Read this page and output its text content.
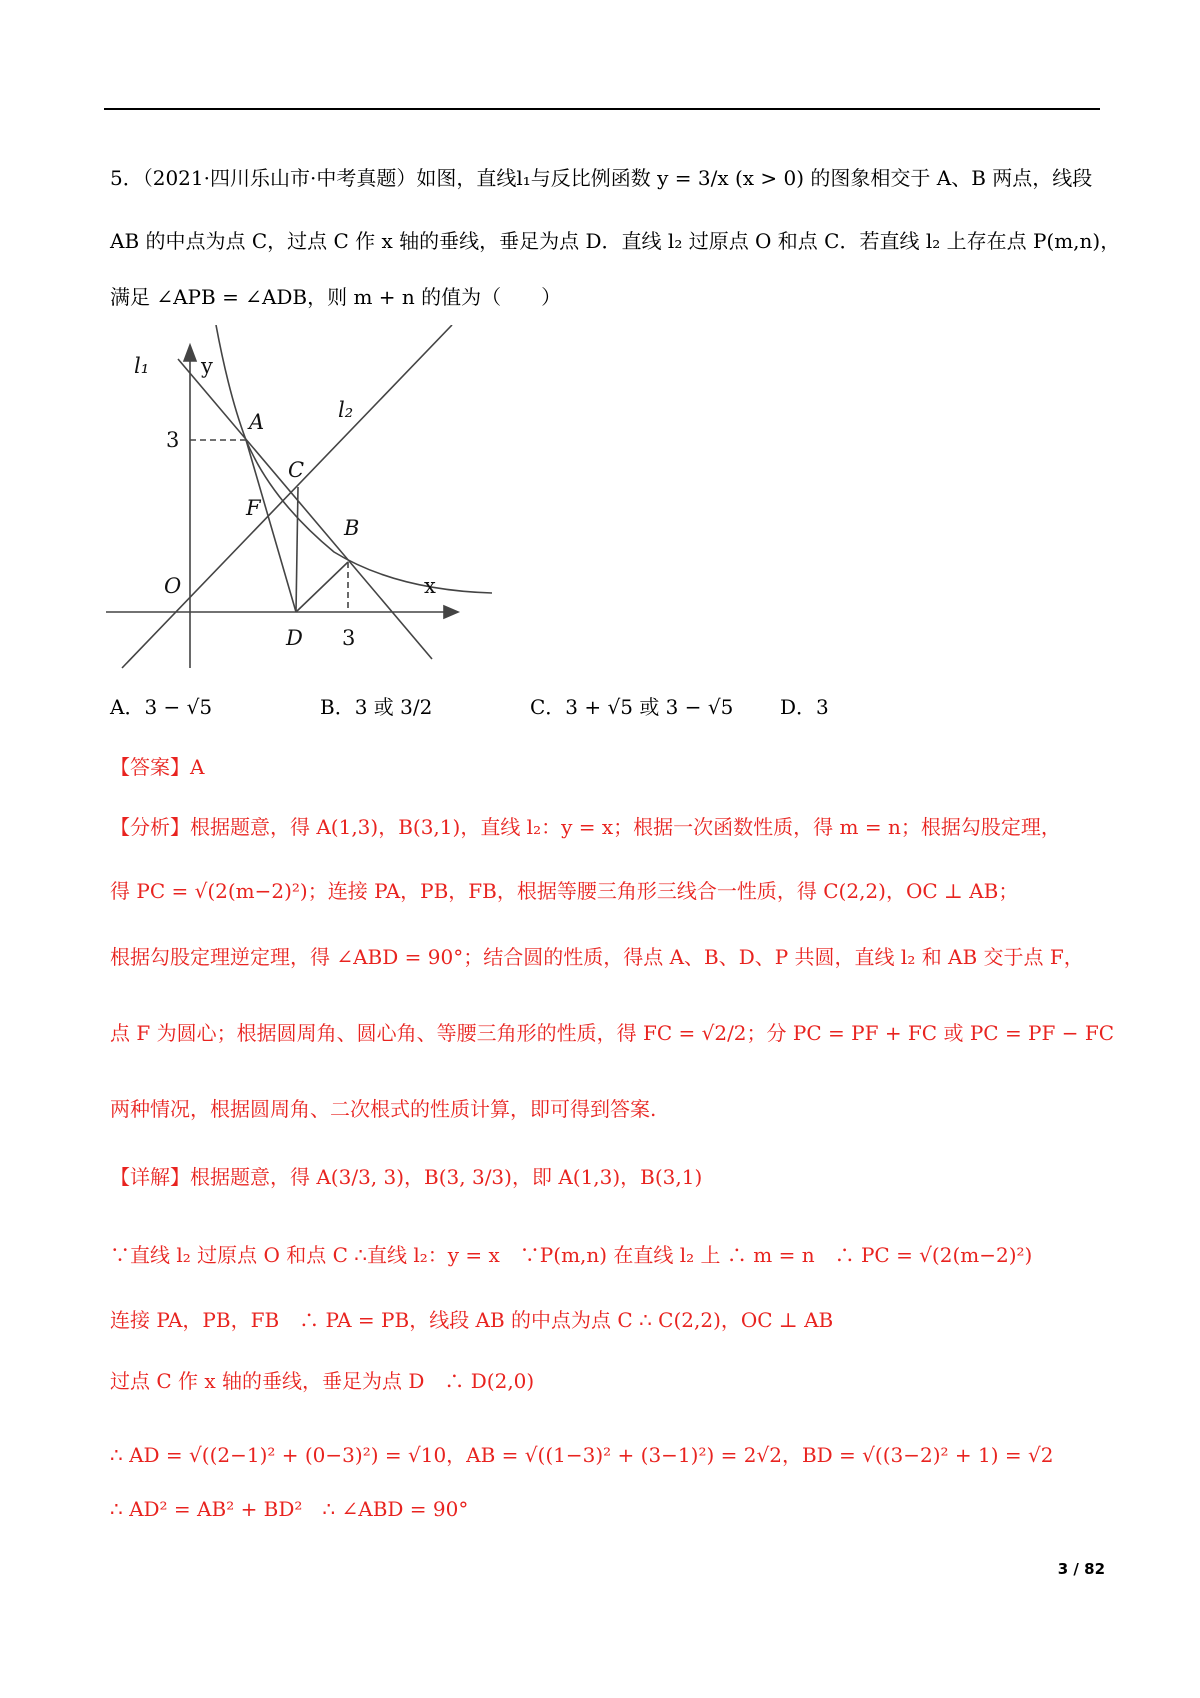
5．（2021·四川乐山市·中考真题）如图，直线l₁与反比例函数 y = 3/x (x > 0) 的图象相交于 A、B 两点，线段
AB 的中点为点 C，过点 C 作 x 轴的垂线，垂足为点 D．直线 l₂ 过原点 O 和点 C．若直线 l₂ 上存在点 P(m,n)，
满足 ∠APB = ∠ADB，则 m + n 的值为（　　）
l₁ y
l₂
A
C
F
B
O
D
x
3
3
A．3 − √5	B．3 或 3/2	C．3 + √5 或 3 − √5 D．3
【答案】A
【分析】根据题意，得 A(1,3)，B(3,1)，直线 l₂：y = x；根据一次函数性质，得 m = n；根据勾股定理，
得 PC = √(2(m−2)²)；连接 PA，PB，FB，根据等腰三角形三线合一性质，得 C(2,2)，OC ⊥ AB；
根据勾股定理逆定理，得 ∠ABD = 90°；结合圆的性质，得点 A、B、D、P 共圆，直线 l₂ 和 AB 交于点 F，
点 F 为圆心；根据圆周角、圆心角、等腰三角形的性质，得 FC = √2/2；分 PC = PF + FC 或 PC = PF − FC
两种情况，根据圆周角、二次根式的性质计算，即可得到答案.
【详解】根据题意，得 A(3/3, 3)，B(3, 3/3)，即 A(1,3)，B(3,1)
∵直线 l₂ 过原点 O 和点 C ∴直线 l₂：y = x　∵P(m,n) 在直线 l₂ 上 ∴ m = n　∴ PC = √(2(m−2)²)
连接 PA，PB，FB　∴ PA = PB，线段 AB 的中点为点 C ∴ C(2,2)，OC ⊥ AB
过点 C 作 x 轴的垂线，垂足为点 D　∴ D(2,0)
∴ AD = √((2−1)² + (0−3)²) = √10，AB = √((1−3)² + (3−1)²) = 2√2，BD = √((3−2)² + 1) = √2
∴ AD² = AB² + BD²　∴ ∠ABD = 90°
3 / 82
